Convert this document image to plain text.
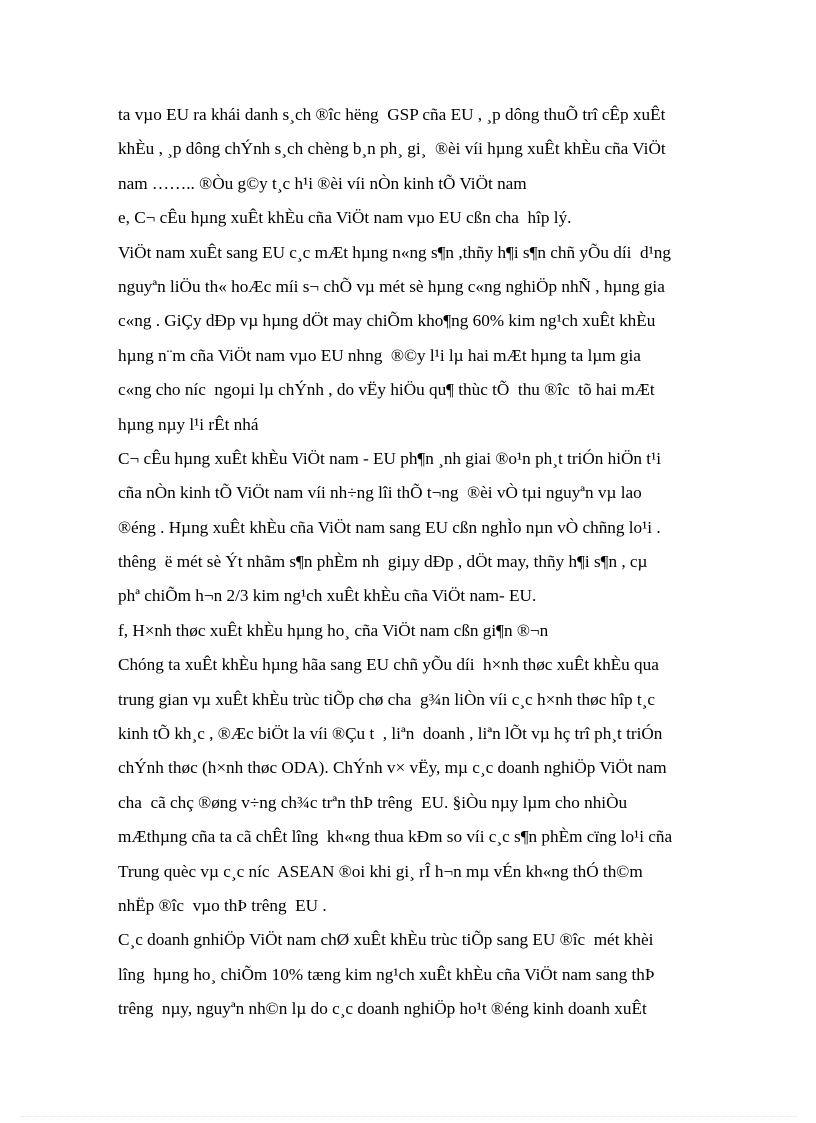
ta vµo EU ra khái danh s¸ch ®îc hëng  GSP cña EU , ¸p dông thuÕ trî cÊp xuÊt
khÈu , ¸p dông chÝnh s¸ch chèng b¸n ph¸ gi¸  ®èi víi hµng xuÊt khÈu cña ViÖt
nam …….. ®Òu g©y t¸c h¹i ®èi víi nÒn kinh tÕ ViÖt nam
e, C¬ cÊu hµng xuÊt khÈu cña ViÖt nam vµo EU cßn cha  hîp lý.
ViÖt nam xuÊt sang EU c¸c mÆt hµng n«ng s¶n ,thñy h¶i s¶n chñ yÕu díi  d¹ng
nguyªn liÖu th« hoÆc míi s¬ chÕ vµ mét sè hµng c«ng nghiÖp nhÑ , hµng gia
c«ng . GiÇy dÐp vµ hµng dÖt may chiÕm kho¶ng 60% kim ng¹ch xuÊt khÈu
hµng n¨m cña ViÖt nam vµo EU nhng  ®©y l¹i lµ hai mÆt hµng ta lµm gia
c«ng cho níc  ngoµi lµ chÝnh , do vËy hiÖu qu¶ thùc tÕ  thu ®îc  tõ hai mÆt
hµng nµy l¹i rÊt nhá
C¬ cÊu hµng xuÊt khÈu ViÖt nam - EU ph¶n ¸nh giai ®o¹n ph¸t triÓn hiÖn t¹i
cña nÒn kinh tÕ ViÖt nam víi nh÷ng lîi thÕ t¬ng  ®èi vÒ tµi nguyªn vµ lao
®éng . Hµng xuÊt khÈu cña ViÖt nam sang EU cßn nghÌo nµn vÒ chñng lo¹i .
thêng  ë mét sè Ýt nhãm s¶n phÈm nh  giµy dÐp , dÖt may, thñy h¶i s¶n , cµ
phª chiÕm h¬n 2/3 kim ng¹ch xuÊt khÈu cña ViÖt nam- EU.
f, H×nh thøc xuÊt khÈu hµng ho¸ cña ViÖt nam cßn gi¶n ®¬n
Chóng ta xuÊt khÈu hµng hãa sang EU chñ yÕu díi  h×nh thøc xuÊt khÈu qua
trung gian vµ xuÊt khÈu trùc tiÕp chø cha  g¾n liÒn víi c¸c h×nh thøc hîp t¸c
kinh tÕ kh¸c , ®Æc biÖt la víi ®Çu t  , liªn  doanh , liªn lÕt vµ hç trî ph¸t triÓn
chÝnh thøc (h×nh thøc ODA). ChÝnh v× vËy, mµ c¸c doanh nghiÖp ViÖt nam
cha  cã chç ®øng v÷ng ch¾c trªn thÞ trêng  EU. §iÒu nµy lµm cho nhiÒu
mÆthµng cña ta cã chÊt lîng  kh«ng thua kÐm so víi c¸c s¶n phÈm cïng lo¹i cña
Trung quèc vµ c¸c níc  ASEAN ®oi khi gi¸ rÎ h¬n mµ vÉn kh«ng thÓ th©m
nhËp ®îc  vµo thÞ trêng  EU .
C¸c doanh gnhiÖp ViÖt nam chØ xuÊt khÈu trùc tiÕp sang EU ®îc  mét khèi
lîng  hµng ho¸ chiÕm 10% tæng kim ng¹ch xuÊt khÈu cña ViÖt nam sang thÞ
trêng  nµy, nguyªn nh©n lµ do c¸c doanh nghiÖp ho¹t ®éng kinh doanh xuÊt
